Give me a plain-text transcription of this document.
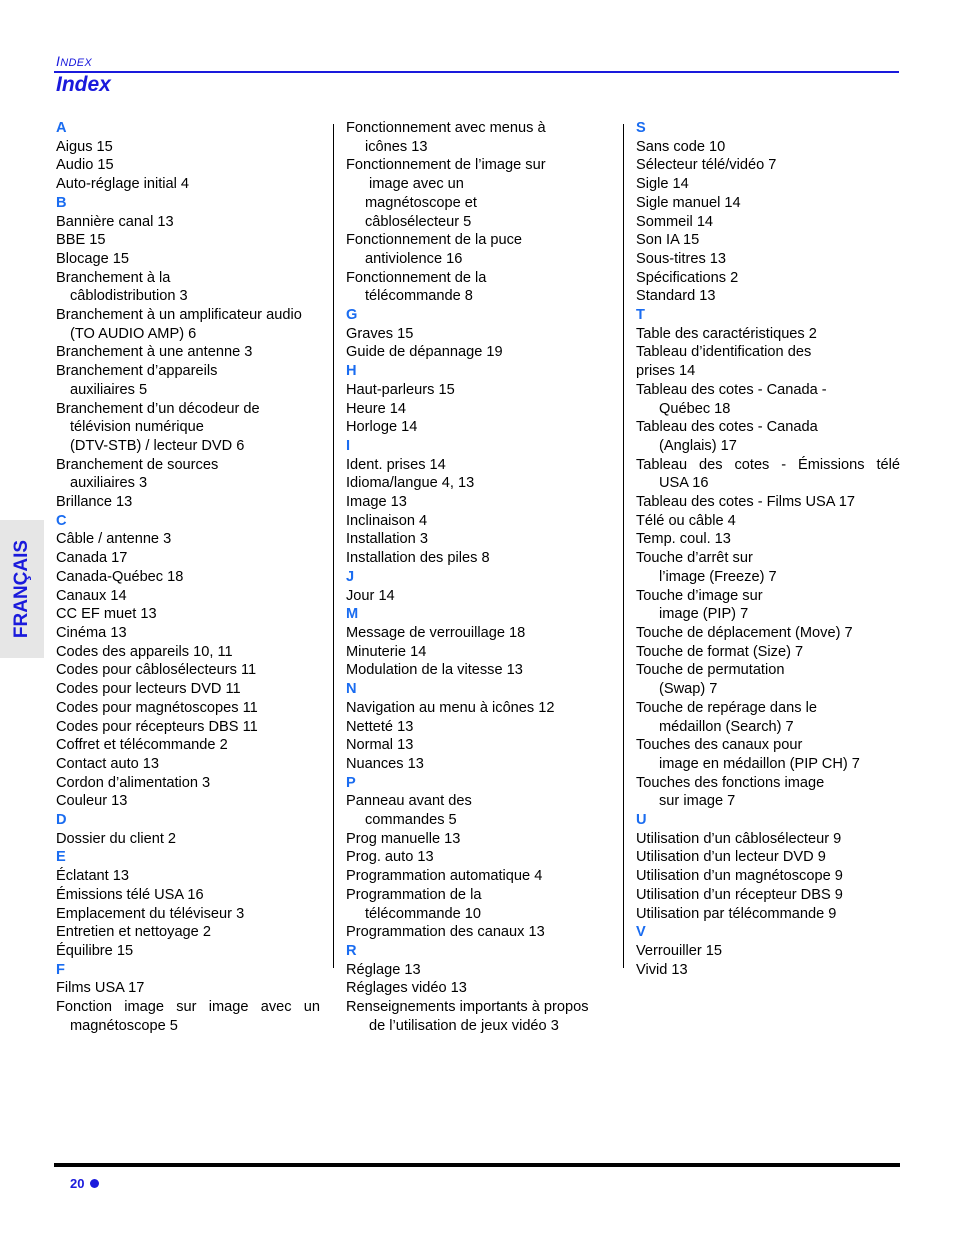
INDEX
Index
FRANÇAIS
A
Aigus 15
Audio 15
Auto-réglage initial 4
B
Bannière canal 13
BBE 15
Blocage 15
Branchement à la
câblodistribution 3
Branchement à un amplificateur audio
(TO AUDIO AMP) 6
Branchement à une antenne 3
Branchement d’appareils
auxiliaires 5
Branchement d’un décodeur de
télévision numérique
(DTV-STB) / lecteur DVD 6
Branchement de sources
auxiliaires 3
Brillance 13
C
Câble / antenne 3
Canada 17
Canada-Québec 18
Canaux 14
CC EF muet 13
Cinéma 13
Codes des appareils 10, 11
Codes pour câblosélecteurs 11
Codes pour lecteurs DVD 11
Codes pour magnétoscopes 11
Codes pour récepteurs DBS 11
Coffret et télécommande 2
Contact auto 13
Cordon d’alimentation 3
Couleur 13
D
Dossier du client 2
E
Éclatant 13
Émissions télé USA 16
Emplacement du téléviseur 3
Entretien et nettoyage 2
Équilibre 15
F
Films USA 17
Fonction image sur image avec un
magnétoscope 5
Fonctionnement avec menus à
icônes 13
Fonctionnement de l’image sur
image avec un
magnétoscope et
câblosélecteur 5
Fonctionnement de la puce
antiviolence 16
Fonctionnement de la
télécommande 8
G
Graves 15
Guide de dépannage 19
H
Haut-parleurs 15
Heure 14
Horloge 14
I
Ident. prises 14
Idioma/langue 4, 13
Image 13
Inclinaison 4
Installation 3
Installation des piles 8
J
Jour 14
M
Message de verrouillage 18
Minuterie 14
Modulation de la vitesse 13
N
Navigation au menu à icônes 12
Netteté 13
Normal 13
Nuances 13
P
Panneau avant des
commandes 5
Prog manuelle 13
Prog. auto 13
Programmation automatique 4
Programmation de la
télécommande 10
Programmation des canaux 13
R
Réglage 13
Réglages vidéo 13
Renseignements importants à propos
de l’utilisation de jeux vidéo 3
S
Sans code 10
Sélecteur télé/vidéo 7
Sigle 14
Sigle manuel 14
Sommeil 14
Son IA 15
Sous-titres 13
Spécifications 2
Standard 13
T
Table des caractéristiques 2
Tableau d’identification des
prises 14
Tableau des cotes - Canada -
Québec 18
Tableau des cotes - Canada
(Anglais) 17
Tableau des cotes - Émissions télé
USA 16
Tableau des cotes - Films USA 17
Télé ou câble 4
Temp. coul. 13
Touche d’arrêt sur
l’image (Freeze) 7
Touche d’image sur
image (PIP) 7
Touche de déplacement (Move) 7
Touche de format (Size) 7
Touche de permutation
(Swap) 7
Touche de repérage dans le
médaillon (Search) 7
Touches des canaux pour
image en médaillon (PIP CH) 7
Touches des fonctions image
sur image 7
U
Utilisation d’un câblosélecteur 9
Utilisation d’un lecteur DVD 9
Utilisation d’un magnétoscope 9
Utilisation d’un récepteur DBS 9
Utilisation par télécommande 9
V
Verrouiller 15
Vivid 13
20
